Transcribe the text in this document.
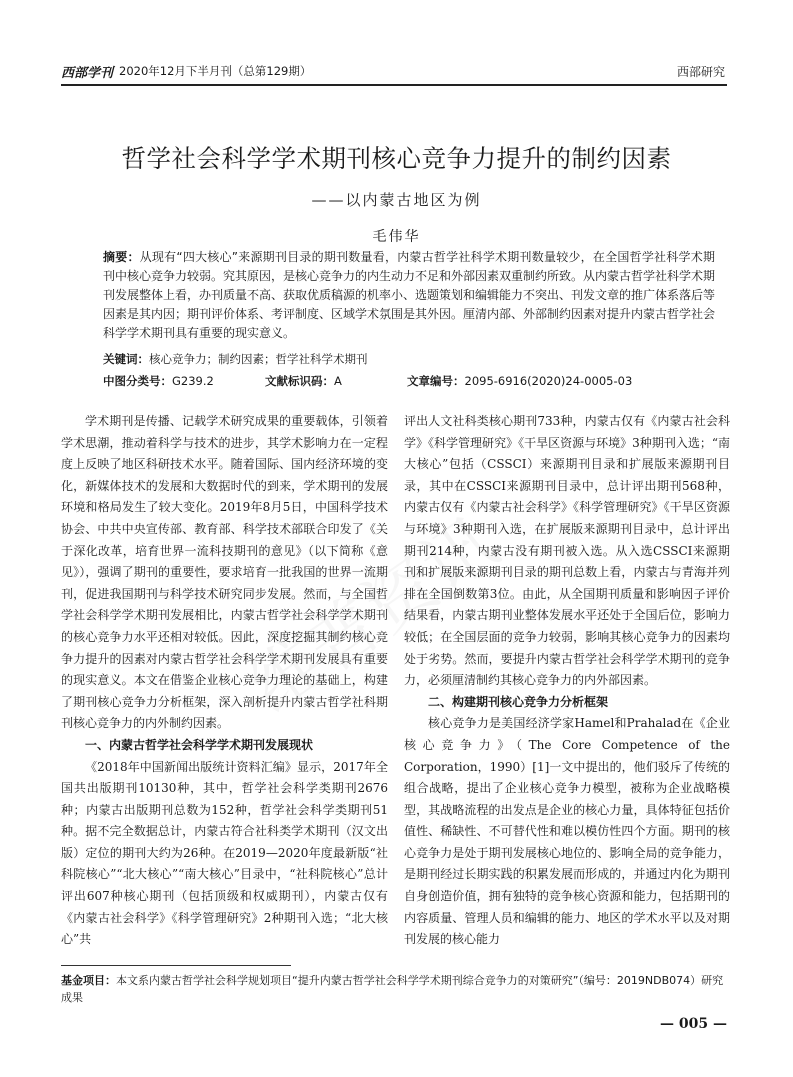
西部学刊 2020年12月下半月刊（总第129期）	西部研究
哲学社会科学学术期刊核心竞争力提升的制约因素
——以内蒙古地区为例
毛伟华
摘要：从现有“四大核心”来源期刊目录的期刊数量看，内蒙古哲学社科学术期刊数量较少，在全国哲学社科学术期刊中核心竞争力较弱。究其原因，是核心竞争力的内生动力不足和外部因素双重制约所致。从内蒙古哲学社科学术期刊发展整体上看，办刊质量不高、获取优质稿源的机率小、选题策划和编辑能力不突出、刊发文章的推广体系落后等因素是其内因；期刊评价体系、考评制度、区域学术氛围是其外因。厘清内部、外部制约因素对提升内蒙古哲学社会科学学术期刊具有重要的现实意义。
关键词：核心竞争力；制约因素；哲学社科学术期刊
中图分类号：G239.2	文献标识码：A	文章编号：2095-6916(2020)24-0005-03

学术期刊是传播、记载学术研究成果的重要载体，引领着学术思潮，推动着科学与技术的进步，其学术影响力在一定程度上反映了地区科研技术水平。随着国际、国内经济环境的变化，新媒体技术的发展和大数据时代的到来，学术期刊的发展环境和格局发生了较大变化。2019年8月5日，中国科学技术协会、中共中央宣传部、教育部、科学技术部联合印发了《关于深化改革，培育世界一流科技期刊的意见》（以下简称《意见》），强调了期刊的重要性，要求培育一批我国的世界一流期刊，促进我国期刊与科学技术研究同步发展。然而，与全国哲学社会科学学术期刊发展相比，内蒙古哲学社会科学学术期刊的核心竞争力水平还相对较低。因此，深度挖掘其制约核心竞争力提升的因素对内蒙古哲学社会科学学术期刊发展具有重要的现实意义。本文在借鉴企业核心竞争力理论的基础上，构建了期刊核心竞争力分析框架，深入剖析提升内蒙古哲学社科期刊核心竞争力的内外制约因素。

一、内蒙古哲学社会科学学术期刊发展现状

《2018年中国新闻出版统计资料汇编》显示，2017年全国共出版期刊10130种，其中，哲学社会科学类期刊2676种；内蒙古出版期刊总数为152种，哲学社会科学类期刊51种。据不完全数据总计，内蒙古符合社科类学术期刊（汉文出版）定位的期刊大约为26种。在2019—2020年度最新版“社科院核心”“北大核心”“南大核心”目录中，“社科院核心”总计评出607种核心期刊（包括顶级和权威期刊），内蒙古仅有《内蒙古社会科学》《科学管理研究》2种期刊入选；“北大核心”共

评出人文社科类核心期刊733种，内蒙古仅有《内蒙古社会科学》《科学管理研究》《干旱区资源与环境》3种期刊入选；“南大核心”包括（CSSCI）来源期刊目录和扩展版来源期刊目录，其中在CSSCI来源期刊目录中，总计评出期刊568种，内蒙古仅有《内蒙古社会科学》《科学管理研究》《干旱区资源与环境》3种期刊入选，在扩展版来源期刊目录中，总计评出期刊214种，内蒙古没有期刊被入选。从入选CSSCI来源期刊和扩展版来源期刊目录的期刊总数上看，内蒙古与青海并列排在全国倒数第3位。由此，从全国期刊质量和影响因子评价结果看，内蒙古期刊业整体发展水平还处于全国后位，影响力较低；在全国层面的竞争力较弱，影响其核心竞争力的因素均处于劣势。然而，要提升内蒙古哲学社会科学学术期刊的竞争力，必须厘清制约其核心竞争力的内外部因素。

二、构建期刊核心竞争力分析框架

核心竞争力是美国经济学家Hamel和Prahalad在《企业核心竞争力》（The Core Competence of the Corporation，1990）[1]一文中提出的，他们驳斥了传统的组合战略，提出了企业核心竞争力模型，被称为企业战略模型，其战略流程的出发点是企业的核心力量，具体特征包括价值性、稀缺性、不可替代性和难以模仿性四个方面。期刊的核心竞争力是处于期刊发展核心地位的、影响全局的竞争能力，是期刊经过长期实践的积累发展而形成的，并通过内化为期刊自身创造价值，拥有独特的竞争核心资源和能力，包括期刊的内容质量、管理人员和编辑的能力、地区的学术水平以及对期刊发展的核心能力

基金项目：本文系内蒙古哲学社会科学规划项目“提升内蒙古哲学社会科学学术期刊综合竞争力的对策研究”（编号：2019NDB074）研究成果
— 005 —
